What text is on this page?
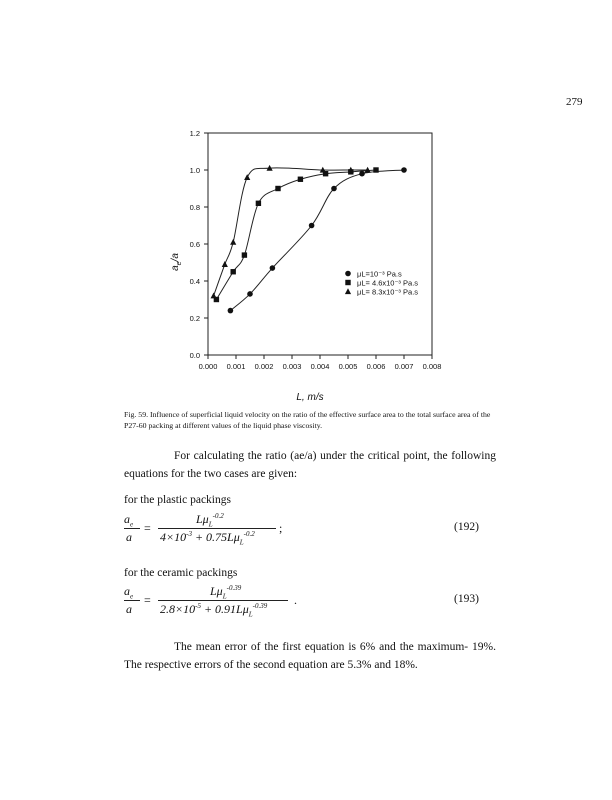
279
0.000 0.001 0.002 0.003 0.004 0.005 0.006 0.007 0.008
0.0
0.2
0.4
0.6
0.8
1.0
1.2
μL=10⁻³ Pa.s
μL= 4.6x10⁻³ Pa.s
μL= 8.3x10⁻³ Pa.s
L, m/s
$a_e/a$
Fig. 59. Influence of superficial liquid velocity on the ratio of the effective surface area to the total surface area of the P27-60 packing at different values of the liquid phase viscosity.
For calculating the ratio (ae/a) under the critical point, the following equations for the two cases are given:
for the plastic packings
$a_e$
a
=
$L\mu_L^{-0.2}$
$4\times 10^{-3} + 0.75L\mu_L^{-0.2}$ ;	(192)
for the ceramic packings
$a_e$
a
=
$L\mu_L^{-0.39}$
$2.8\times 10^{-5} + 0.91L\mu_L^{-0.39}$ .	(193)
The mean error of the first equation is 6% and the maximum- 19%. The respective errors of the second equation are 5.3% and 18%.
